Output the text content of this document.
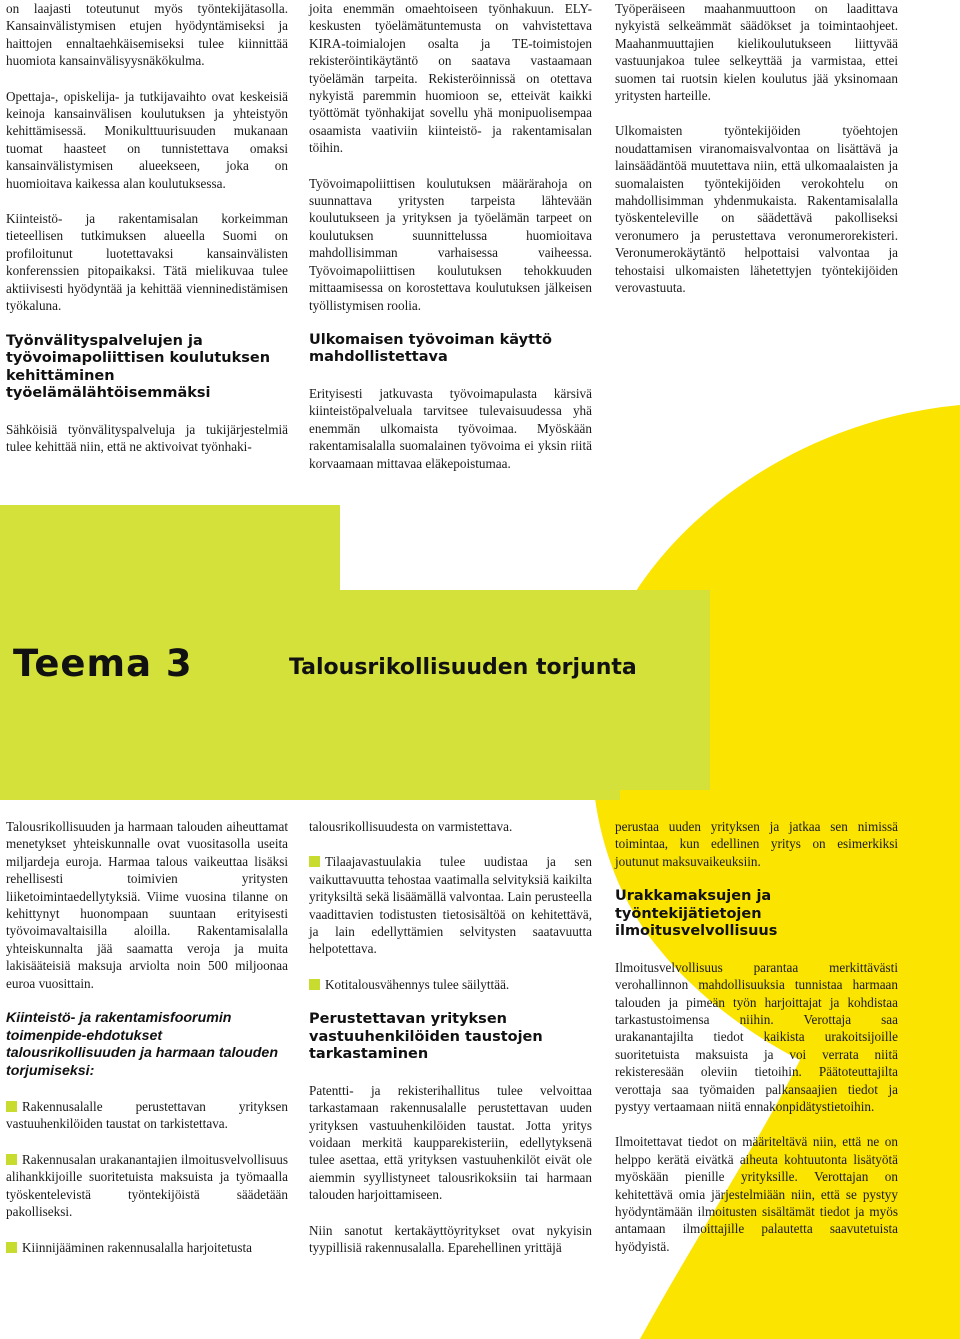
Teema 3	Talousrikollisuuden torjunta

on laajasti toteutunut myös työntekijätasolla. Kansainvälistymisen etujen hyödyntämiseksi ja haittojen ennaltaehkäisemiseksi tulee kiinnittää huomiota kansainvälisyysnäkökulma.

Opettaja-, opiskelija- ja tutkijavaihto ovat keskeisiä keinoja kansainvälisen koulutuksen ja yhteistyön kehittämisessä. Monikulttuurisuuden mukanaan tuomat haasteet on tunnistettava omaksi kansainvälistymisen alueekseen, joka on huomioitava kaikessa alan koulutuksessa.

Kiinteistö- ja rakentamisalan korkeimman tieteellisen tutkimuksen alueella Suomi on profiloitunut luotettavaksi kansainvälisten konferenssien pitopaikaksi. Tätä mielikuvaa tulee aktiivisesti hyödyntää ja kehittää vienninedistämisen työkaluna.

Työnvälityspalvelujen ja työvoimapoliittisen koulutuksen kehittäminen työelämälähtöisemmäksi

Sähköisiä työnvälityspalveluja ja tukijärjestelmiä tulee kehittää niin, että ne aktivoivat työnhaki-

joita enemmän omaehtoiseen työnhakuun. ELY-keskusten työelämätuntemusta on vahvistettava KIRA-toimialojen osalta ja TE-toimistojen rekisteröintikäytäntö on saatava vastaamaan työelämän tarpeita. Rekisteröinnissä on otettava nykyistä paremmin huomioon se, etteivät kaikki työttömät työnhakijat sovellu yhä monipuolisempaa osaamista vaativiin kiinteistö- ja rakentamisalan töihin.

Työvoimapoliittisen koulutuksen määrärahoja on suunnattava yritysten tarpeista lähtevään koulutukseen ja yrityksen ja työelämän tarpeet on koulutuksen suunnittelussa huomioitava mahdollisimman varhaisessa vaiheessa. Työvoimapoliittisen koulutuksen tehokkuuden mittaamisessa on korostettava koulutuksen jälkeisen työllistymisen roolia.

Ulkomaisen työvoiman käyttö mahdollistettava

Erityisesti jatkuvasta työvoimapulasta kärsivä kiinteistöpalveluala tarvitsee tulevaisuudessa yhä enemmän ulkomaista työvoimaa. Myöskään rakentamisalalla suomalainen työvoima ei yksin riitä korvaamaan mittavaa eläkepoistumaa.

Työperäiseen maahanmuuttoon on laadittava nykyistä selkeämmät säädökset ja toimintaohjeet. Maahanmuuttajien kielikoulutukseen liittyvää vastuunjakoa tulee selkeyttää ja varmistaa, ettei suomen tai ruotsin kielen koulutus jää yksinomaan yritysten harteille.

Ulkomaisten työntekijöiden työehtojen noudattamisen viranomaisvalvontaa on lisättävä ja lainsäädäntöä muutettava niin, että ulkomaalaisten ja suomalaisten työntekijöiden verokohtelu on mahdollisimman yhdenmukaista. Rakentamisalalla työskenteleville on säädettävä pakolliseksi veronumero ja perustettava veronumerorekisteri. Veronumerokäytäntö helpottaisi valvontaa ja tehostaisi ulkomaisten lähetettyjen työntekijöiden verovastuuta.

Talousrikollisuuden ja harmaan talouden aiheuttamat menetykset yhteiskunnalle ovat vuositasolla useita miljardeja euroja. Harmaa talous vaikeuttaa lisäksi rehellisesti toimivien yritysten liiketoimintaedellytyksiä. Viime vuosina tilanne on kehittynyt huonompaan suuntaan erityisesti työvoimavaltaisilla aloilla. Rakentamisalalla yhteiskunnalta jää saamatta veroja ja muita lakisääteisiä maksuja arviolta noin 500 miljoonaa euroa vuosittain.

Kiinteistö- ja rakentamisfoorumin toimenpide-ehdotukset talousrikollisuuden ja harmaan talouden torjumiseksi:

Rakennusalalle perustettavan yrityksen vastuuhenkilöiden taustat on tarkistettava.

Rakennusalan urakanantajien ilmoitusvelvollisuus alihankkijoille suoritetuista maksuista ja työmaalla työskentelevistä työntekijöistä säädetään pakolliseksi.

Kiinnijääminen rakennusalalla harjoitetusta

talousrikollisuudesta on varmistettava.

Tilaajavastuulakia tulee uudistaa ja sen vaikuttavuutta tehostaa vaatimalla selvityksiä kaikilta yrityksiltä sekä lisäämällä valvontaa. Lain perusteella vaadittavien todistusten tietosisältöä on kehitettävä, ja lain edellyttämien selvitysten saatavuutta helpotettava.

Kotitalousvähennys tulee säilyttää.

Perustettavan yrityksen vastuuhenkilöiden taustojen tarkastaminen

Patentti- ja rekisterihallitus tulee velvoittaa tarkastamaan rakennusalalle perustettavan uuden yrityksen vastuuhenkilöiden taustat. Jotta yritys voidaan merkitä kaupparekisteriin, edellytyksenä tulee asettaa, että yrityksen vastuuhenkilöt eivät ole aiemmin syyllistyneet talousrikoksiin tai harmaan talouden harjoittamiseen.

Niin sanotut kertakäyttöyritykset ovat nykyisin tyypillisiä rakennusalalla. Eparehellinen yrittäjä

perustaa uuden yrityksen ja jatkaa sen nimissä toimintaa, kun edellinen yritys on esimerkiksi joutunut maksuvaikeuksiin.

Urakkamaksujen ja työntekijätietojen ilmoitusvelvollisuus

Ilmoitusvelvollisuus parantaa merkittävästi verohallinnon mahdollisuuksia tunnistaa harmaan talouden ja pimeän työn harjoittajat ja kohdistaa tarkastustoimensa niihin. Verottaja saa urakanantajilta tiedot kaikista urakoitsijoille suoritetuista maksuista ja voi verrata niitä rekisteresään oleviin tietoihin. Päätoteuttajilta verottaja saa työmaiden palkansaajien tiedot ja pystyy vertaamaan niitä ennakonpidätystietoihin.

Ilmoitettavat tiedot on määriteltävä niin, että ne on helppo kerätä eivätkä aiheuta kohtuutonta lisätyötä myöskään pienille yrityksille. Verottajan on kehitettävä omia järjestelmiään niin, että se pystyy hyödyntämään ilmoitusten sisältämät tiedot ja myös antamaan ilmoittajille palautetta saavutetuista hyödyistä.
